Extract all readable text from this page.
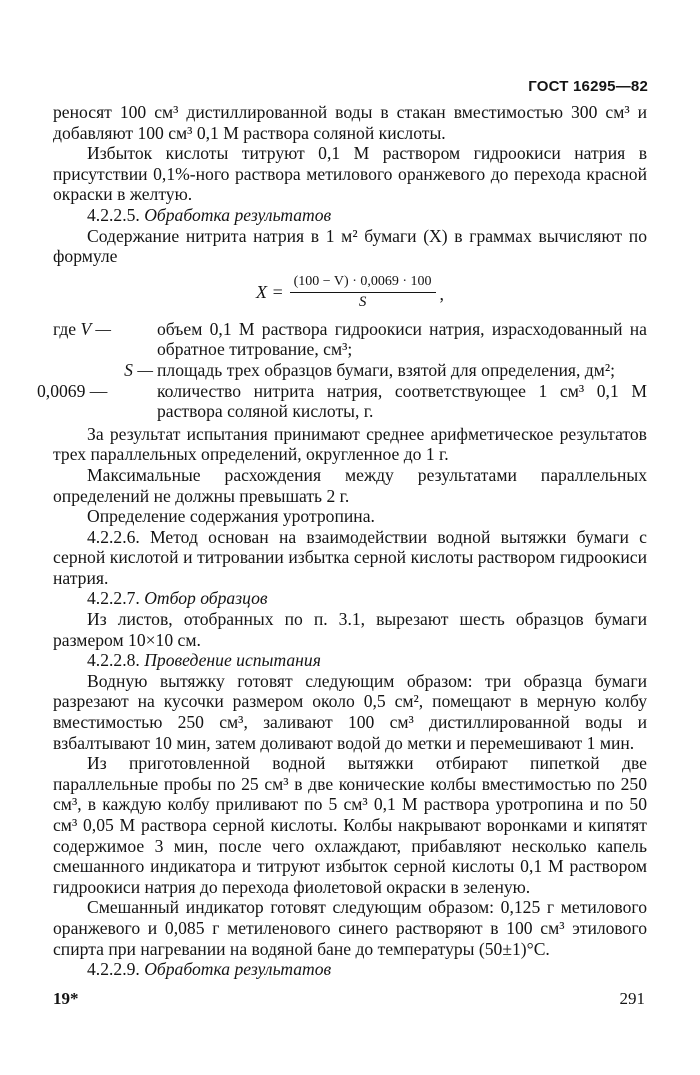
ГОСТ 16295—82

реносят 100 см³ дистиллированной воды в стакан вместимостью 300 см³ и добавляют 100 см³ 0,1 М раствора соляной кислоты.

Избыток кислоты титруют 0,1 М раствором гидроокиси натрия в присутствии 0,1%-ного раствора метилового оранжевого до перехода красной окраски в желтую.

4.2.2.5. Обработка результатов

Содержание нитрита натрия в 1 м² бумаги (X) в граммах вычисляют по формуле

$X = \frac{(100 - V) \cdot 0,0069 \cdot 100}{S}$ ,
где V —	объем 0,1 М раствора гидроокиси натрия, израсходованный на обратное титрование, см³;
S — площадь трех образцов бумаги, взятой для определения, дм²;
0,0069 —	количество нитрита натрия, соответствующее 1 см³ 0,1 М раствора соляной кислоты, г.

За результат испытания принимают среднее арифметическое результатов трех параллельных определений, округленное до 1 г.

Максимальные расхождения между результатами параллельных определений не должны превышать 2 г.

Определение содержания уротропина.

4.2.2.6. Метод основан на взаимодействии водной вытяжки бумаги с серной кислотой и титровании избытка серной кислоты раствором гидроокиси натрия.

4.2.2.7. Отбор образцов

Из листов, отобранных по п. 3.1, вырезают шесть образцов бумаги размером 10×10 см.

4.2.2.8. Проведение испытания

Водную вытяжку готовят следующим образом: три образца бумаги разрезают на кусочки размером около 0,5 см², помещают в мерную колбу вместимостью 250 см³, заливают 100 см³ дистиллированной воды и взбалтывают 10 мин, затем доливают водой до метки и перемешивают 1 мин.

Из приготовленной водной вытяжки отбирают пипеткой две параллельные пробы по 25 см³ в две конические колбы вместимостью по 250 см³, в каждую колбу приливают по 5 см³ 0,1 М раствора уротропина и по 50 см³ 0,05 М раствора серной кислоты. Колбы накрывают воронками и кипятят содержимое 3 мин, после чего охлаждают, прибавляют несколько капель смешанного индикатора и титруют избыток серной кислоты 0,1 М раствором гидроокиси натрия до перехода фиолетовой окраски в зеленую.

Смешанный индикатор готовят следующим образом: 0,125 г метилового оранжевого и 0,085 г метиленового синего растворяют в 100 см³ этилового спирта при нагревании на водяной бане до температуры (50±1)°С.

4.2.2.9. Обработка результатов

19*	291
